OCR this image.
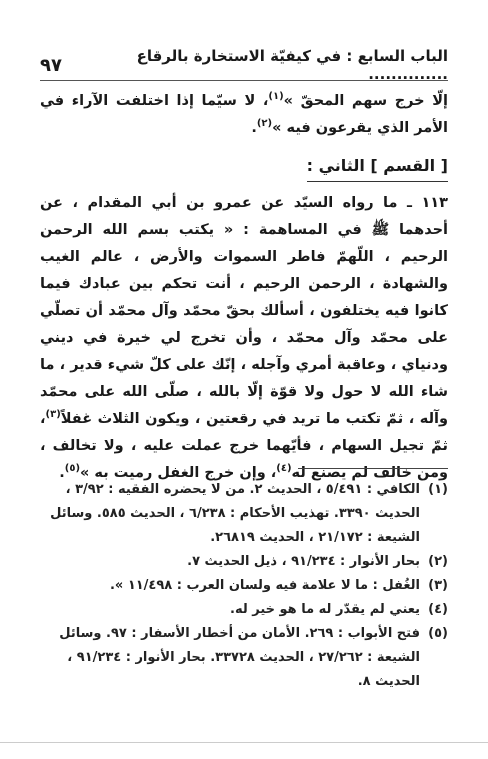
الباب السابع : في كيفيّة الاستخارة بالرقاع ..............
٩٧

إلّا خرج سهم المحقّ »$^{(١)}$، لا سيّما إذا اختلفت الآراء في الأمر الذي يقرعون فيه »$^{(٢)}$.

[ القسم ] الثاني :

١١٣ ـ ما رواه السيّد عن عمرو بن أبي المقدام ، عن أحدهما ﷺ في المساهمة : « يكتب بسم الله الرحمن الرحيم ، اللّهمّ فاطر السموات والأرض ، عالم الغيب والشهادة ، الرحمن الرحيم ، أنت تحكم بين عبادك فيما كانوا فيه يختلفون ، أسألك بحقّ محمّد وآل محمّد أن تصلّي على محمّد وآل محمّد ، وأن تخرج لي خيرة في ديني ودنياي ، وعاقبة أمري وآجله ، إنّك على كلّ شيء قدير ، ما شاء الله لا حول ولا قوّة إلّا بالله ، صلّى الله على محمّد وآله ، ثمّ تكتب ما تريد في رقعتين ، ويكون الثلاث غفلاً$^{(٣)}$، ثمّ تجيل السهام ، فأيّهما خرج عملت عليه ، ولا تخالف ، ومن خالف لم يصنع له$^{(٤)}$، وإن خرج الغفل رميت به »$^{(٥)}$.

(١)
الكافي : ٥/٤٩١ ، الحديث ٢. من لا يحضره الفقيه : ٣/٩٢ ، الحديث ٣٣٩٠. تهذيب الأحكام : ٦/٢٣٨ ، الحديث ٥٨٥. وسائل الشيعة : ٢١/١٧٢ ، الحديث ٢٦٨١٩.
(٢)
بحار الأنوار : ٩١/٢٣٤ ، ذيل الحديث ٧.
(٣)
الغُفل : ما لا علامة فيه ولسان العرب : ١١/٤٩٨ ».
(٤)
يعني لم يقدّر له ما هو خير له.
(٥)
فتح الأبواب : ٢٦٩. الأمان من أخطار الأسفار : ٩٧. وسائل الشيعة : ٢٧/٢٦٢ ، الحديث ٣٣٧٢٨. بحار الأنوار : ٩١/٢٣٤ ، الحديث ٨.
